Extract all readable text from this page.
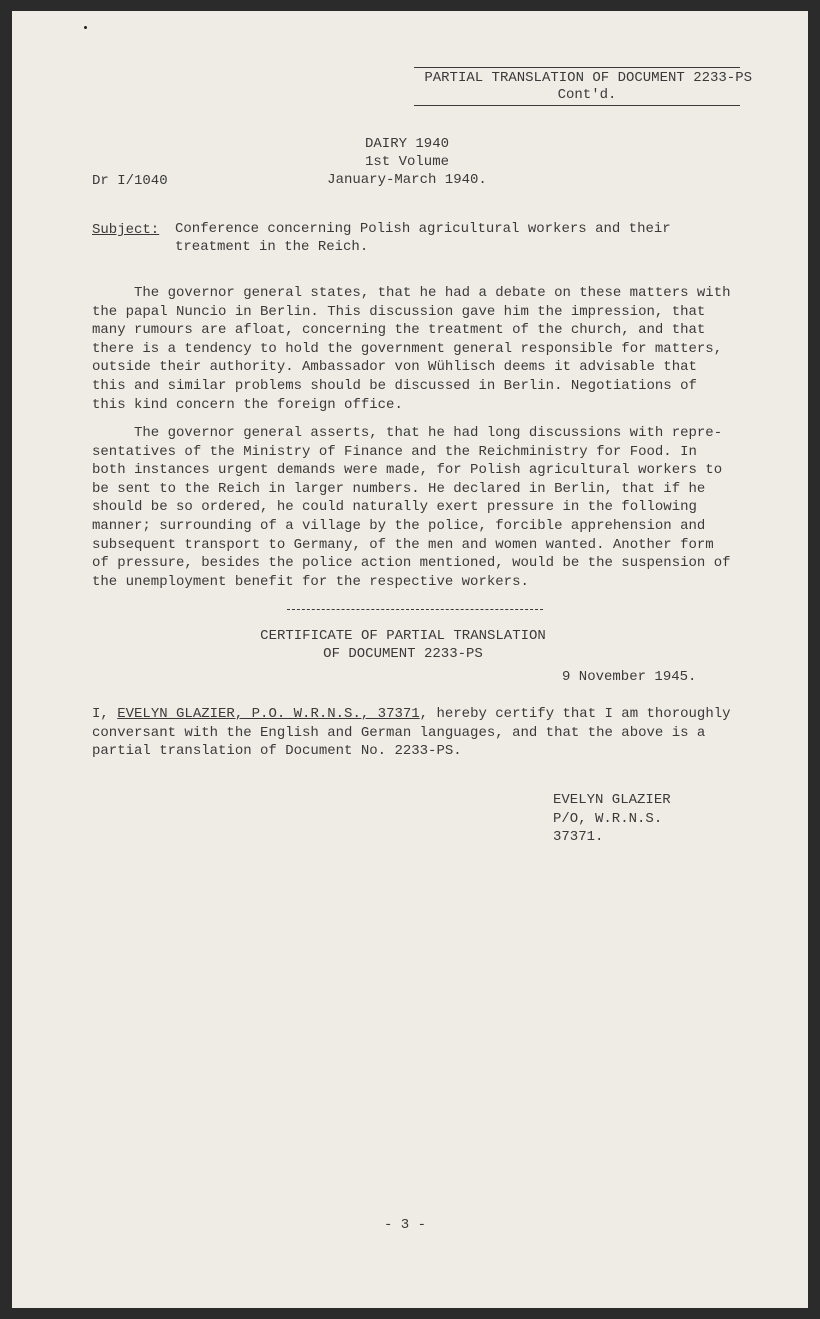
PARTIAL TRANSLATION OF DOCUMENT 2233-PS
Cont'd.
DAIRY 1940
1st Volume
January-March 1940.
Dr I/1040
Subject: Conference concerning Polish agricultural workers and their
treatment in the Reich.
The governor general states, that he had a debate on these matters with
the papal Nuncio in Berlin. This discussion gave him the impression, that
many rumours are afloat, concerning the treatment of the church, and that
there is a tendency to hold the government general responsible for matters,
outside their authority. Ambassador von Wühlisch deems it advisable that
this and similar problems should be discussed in Berlin. Negotiations of
this kind concern the foreign office.
The governor general asserts, that he had long discussions with repre-
sentatives of the Ministry of Finance and the Reichministry for Food. In
both instances urgent demands were made, for Polish agricultural workers to
be sent to the Reich in larger numbers. He declared in Berlin, that if he
should be so ordered, he could naturally exert pressure in the following
manner; surrounding of a village by the police, forcible apprehension and
subsequent transport to Germany, of the men and women wanted. Another form
of pressure, besides the police action mentioned, would be the suspension of
the unemployment benefit for the respective workers.
CERTIFICATE OF PARTIAL TRANSLATION
OF DOCUMENT 2233-PS
9 November 1945.
I, EVELYN GLAZIER, P.O. W.R.N.S., 37371, hereby certify that I am thoroughly
conversant with the English and German languages, and that the above is a
partial translation of Document No. 2233-PS.
EVELYN GLAZIER
P/O, W.R.N.S.
37371.
- 3 -
